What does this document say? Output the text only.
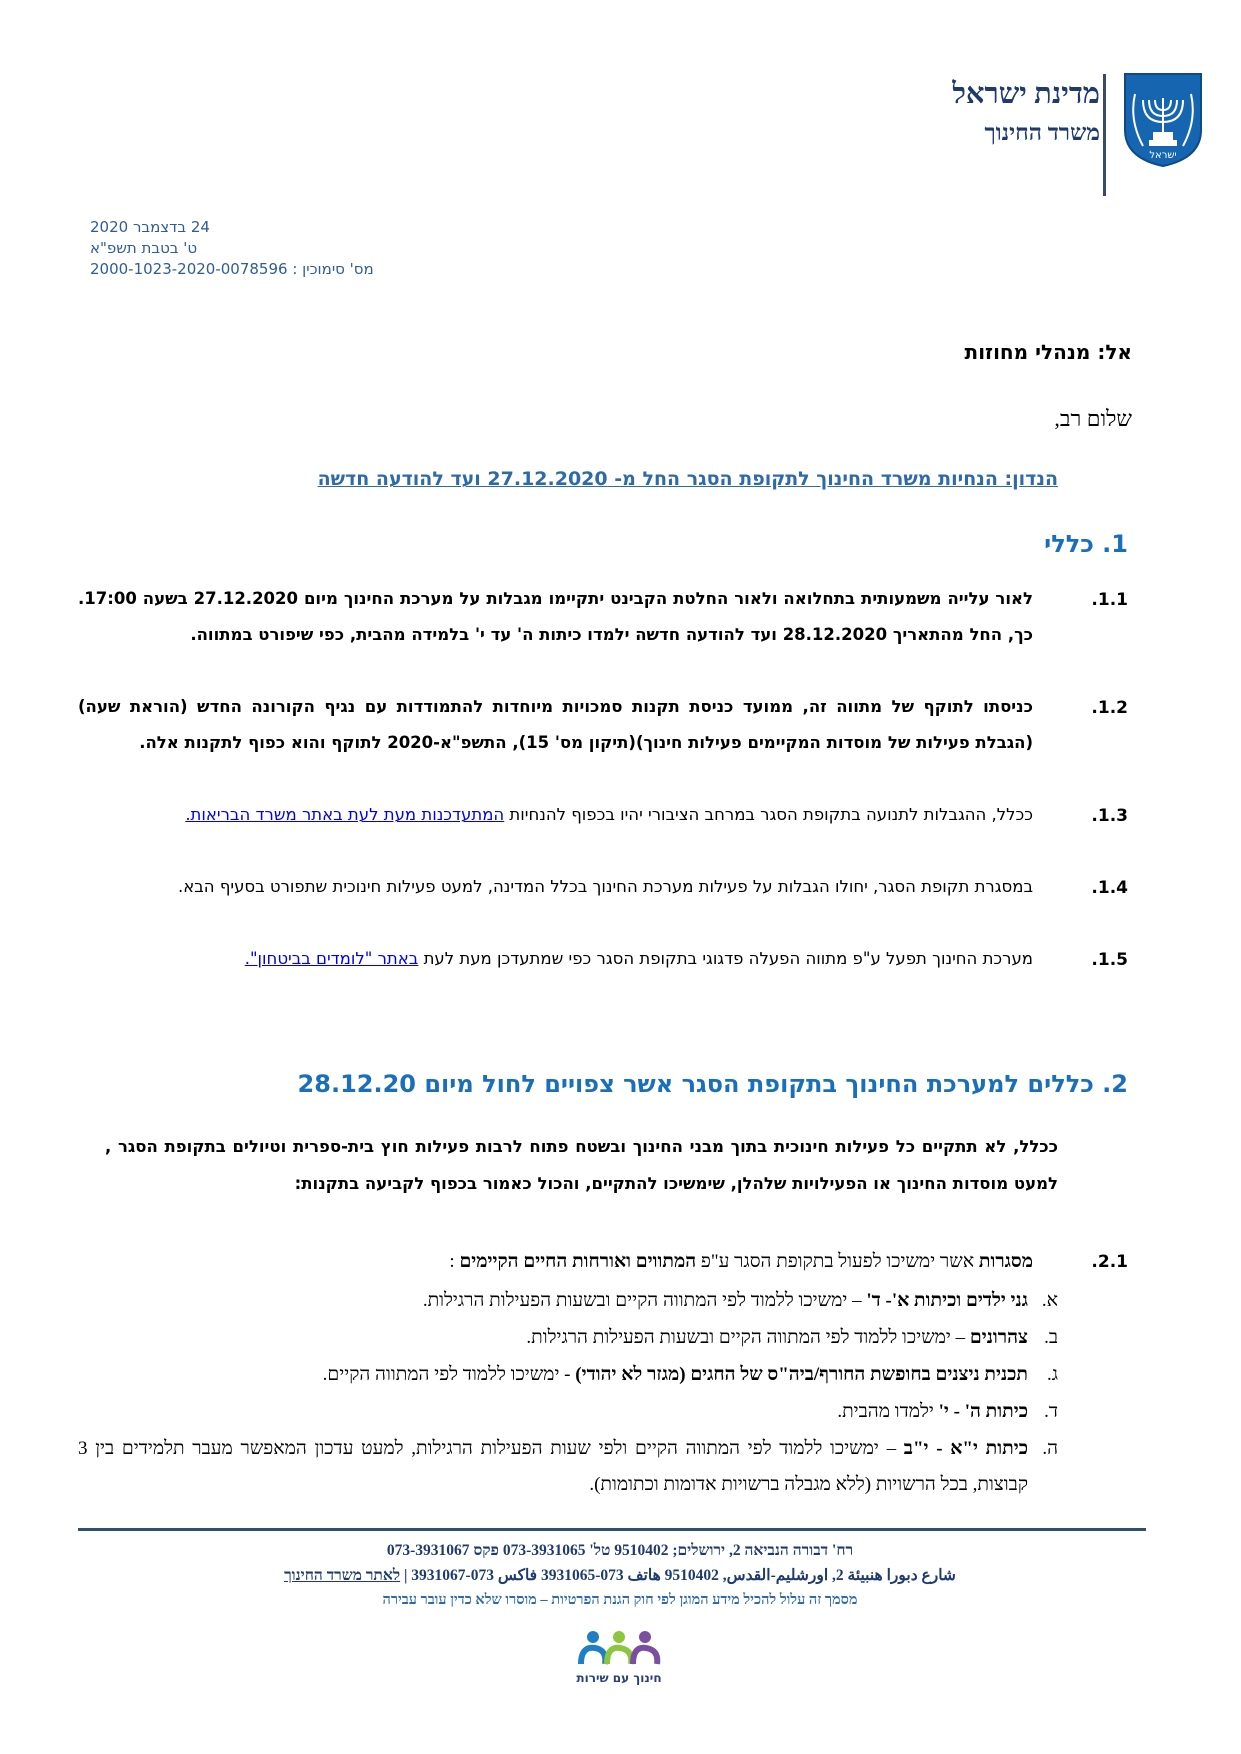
מדינת ישראל
משרד החינוך
ישראל
24 בדצמבר 2020
ט' בטבת תשפ"א
מס' סימוכין : 2000-1023-2020-0078596
אל: מנהלי מחוזות
שלום רב,
הנדון: הנחיות משרד החינוך לתקופת הסגר החל מ- 27.12.2020 ועד להודעה חדשה
1. כללי
1.1.
לאור עלייה משמעותית בתחלואה ולאור החלטת הקבינט יתקיימו מגבלות על מערכת החינוך מיום 27.12.2020 בשעה 17:00. כך, החל מהתאריך 28.12.2020 ועד להודעה חדשה ילמדו כיתות ה' עד י' בלמידה מהבית, כפי שיפורט במתווה.
1.2.
כניסתו לתוקף של מתווה זה, ממועד כניסת תקנות סמכויות מיוחדות להתמודדות עם נגיף הקורונה החדש (הוראת שעה) (הגבלת פעילות של מוסדות המקיימים פעילות חינוך)(תיקון מס' 15), התשפ"א-2020 לתוקף והוא כפוף לתקנות אלה.
1.3.
ככלל, ההגבלות לתנועה בתקופת הסגר במרחב הציבורי יהיו בכפוף להנחיות המתעדכנות מעת לעת באתר משרד הבריאות.
1.4.
במסגרת תקופת הסגר, יחולו הגבלות על פעילות מערכת החינוך בכלל המדינה, למעט פעילות חינוכית שתפורט בסעיף הבא.
1.5.
מערכת החינוך תפעל ע"פ מתווה הפעלה פדגוגי בתקופת הסגר כפי שמתעדכן מעת לעת באתר "לומדים בביטחון".
2. כללים למערכת החינוך בתקופת הסגר אשר צפויים לחול מיום 28.12.20
ככלל, לא תתקיים כל פעילות חינוכית בתוך מבני החינוך ובשטח פתוח לרבות פעילות חוץ בית-ספרית וטיולים בתקופת הסגר , למעט מוסדות החינוך או הפעילויות שלהלן, שימשיכו להתקיים, והכול כאמור בכפוף לקביעה בתקנות:
2.1.
מסגרות אשר ימשיכו לפעול בתקופת הסגר ע"פ המתווים ואורחות החיים הקיימים :
א.
גני ילדים וכיתות א'- ד' – ימשיכו ללמוד לפי המתווה הקיים ובשעות הפעילות הרגילות.
ב.
צהרונים – ימשיכו ללמוד לפי המתווה הקיים ובשעות הפעילות הרגילות.
ג.
תכנית ניצנים בחופשת החורף/ביה"ס של החגים (מגזר לא יהודי) - ימשיכו ללמוד לפי המתווה הקיים.
ד.
כיתות ה' - י' ילמדו מהבית.
ה.
כיתות י"א - י"ב – ימשיכו ללמוד לפי המתווה הקיים ולפי שעות הפעילות הרגילות, למעט עדכון המאפשר מעבר תלמידים בין 3 קבוצות, בכל הרשויות (ללא מגבלה ברשויות אדומות וכתומות).
רח' דבורה הנביאה 2, ירושלים; 9510402 טל' 073-3931065 פקס 073-3931067
شارع دبورا هنبيئة 2, اورشليم-القدس, 9510402 هاتف 073-3931065 فاكس 073-3931067 | לאתר משרד החינוך
מסמך זה עלול להכיל מידע המוגן לפי חוק הגנת הפרטיות – מוסרו שלא כדין עובר עבירה
חינוך עם שירות
